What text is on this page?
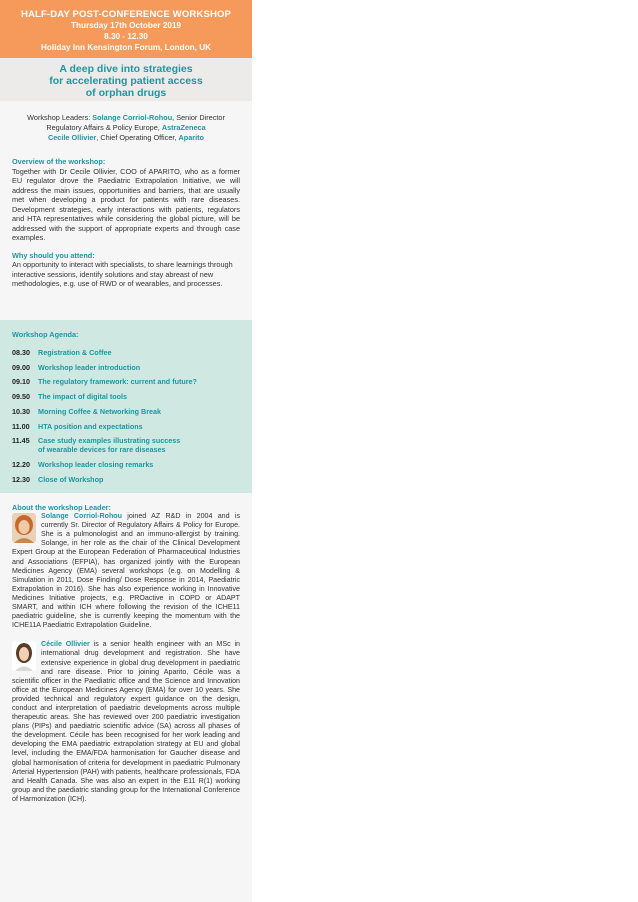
HALF-DAY POST-CONFERENCE WORKSHOP
Thursday 17th October 2019
8.30 - 12.30
Holiday Inn Kensington Forum, London, UK
A deep dive into strategies
for accelerating patient access
of orphan drugs
Workshop Leaders: Solange Corriol-Rohou, Senior Director Regulatory Affairs & Policy Europe, AstraZeneca
Cecile Ollivier, Chief Operating Officer, Aparito
Overview of the workshop:
Together with Dr Cecile Ollivier, COO of APARITO, who as a former EU regulator drove the Paediatric Extrapolation Initiative, we will address the main issues, opportunities and barriers, that are usually met when developing a product for patients with rare diseases. Development strategies, early interactions with patients, regulators and HTA representatives while considering the global picture, will be addressed with the support of appropriate experts and through case examples.
Why should you attend:
An opportunity to interact with specialists, to share learnings through interactive sessions, identify solutions and stay abreast of new methodologies, e.g. use of RWD or of wearables, and processes.
Workshop Agenda:
08.30	Registration & Coffee
09.00	Workshop leader introduction
09.10	The regulatory framework: current and future?
09.50	The impact of digital tools
10.30	Morning Coffee & Networking Break
11.00	HTA position and expectations
11.45	Case study examples illustrating success
of wearable devices for rare diseases
12.20	Workshop leader closing remarks
12.30	Close of Workshop
About the workshop Leader:
Solange Corriol-Rohou joined AZ R&D in 2004 and is currently Sr. Director of Regulatory Affairs & Policy for Europe. She is a pulmonologist and an immuno-allergist by training. Solange, in her role as the chair of the Clinical Development Expert Group at the European Federation of Pharmaceutical Industries and Associations (EFPIA), has organized jointly with the European Medicines Agency (EMA) several workshops (e.g. on Modelling & Simulation in 2011, Dose Finding/ Dose Response in 2014, Paediatric Extrapolation in 2016). She has also experience working in Innovative Medicines Initiative projects, e.g. PROactive in COPD or ADAPT SMART, and within ICH where following the revision of the ICHE11 paediatric guideline, she is currently keeping the momentum with the ICHE11A Paediatric Extrapolation Guideline.
Cécile Ollivier is a senior health engineer with an MSc in international drug development and registration. She have extensive experience in global drug development in paediatric and rare disease. Prior to joining Aparito, Cécile was a scientific officer in the Paediatric office and the Science and Innovation office at the European Medicines Agency (EMA) for over 10 years. She provided technical and regulatory expert guidance on the design, conduct and interpretation of paediatric developments across multiple therapeutic areas. She has reviewed over 200 paediatric investigation plans (PIPs) and paediatric scientific advice (SA) across all phases of the development. Cécile has been recognised for her work leading and developing the EMA paediatric extrapolation strategy at EU and global level, including the EMA/FDA harmonisation for Gaucher disease and global harmonisation of criteria for development in paediatric Pulmonary Arterial Hypertension (PAH) with patients, healthcare professionals, FDA and Health Canada. She was also an expert in the E11 R(1) working group and the paediatric standing group for the International Conference of Harmonization (ICH).
